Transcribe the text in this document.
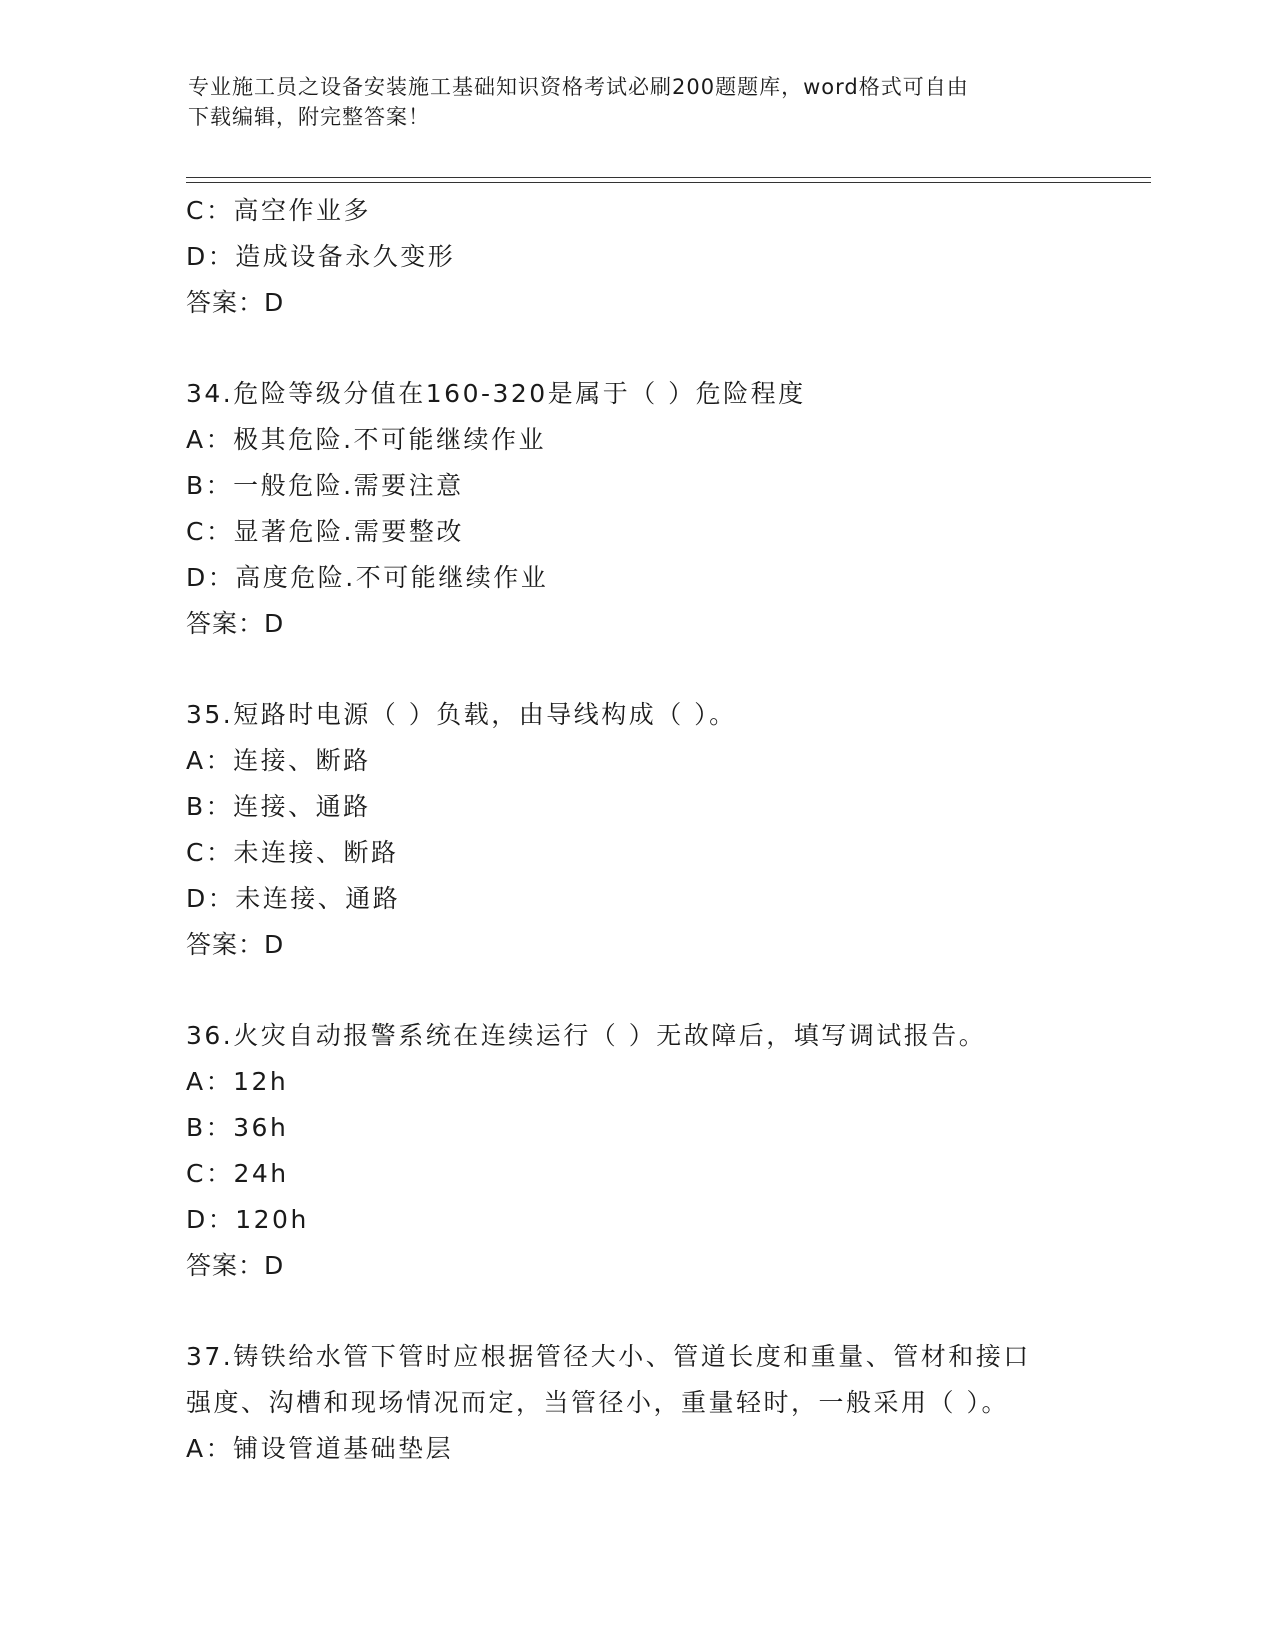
专业施工员之设备安装施工基础知识资格考试必刷200题题库，word格式可自由
下载编辑，附完整答案！
C：高空作业多
D：造成设备永久变形
答案：D
34.危险等级分值在160-320是属于（ ）危险程度
A：极其危险.不可能继续作业
B：一般危险.需要注意
C：显著危险.需要整改
D：高度危险.不可能继续作业
答案：D
35.短路时电源（ ）负载，由导线构成（ ）。
A：连接、断路
B：连接、通路
C：未连接、断路
D：未连接、通路
答案：D
36.火灾自动报警系统在连续运行（ ）无故障后，填写调试报告。
A：12h
B：36h
C：24h
D：120h
答案：D
37.铸铁给水管下管时应根据管径大小、管道长度和重量、管材和接口
强度、沟槽和现场情况而定，当管径小，重量轻时，一般采用（ ）。
A：铺设管道基础垫层
